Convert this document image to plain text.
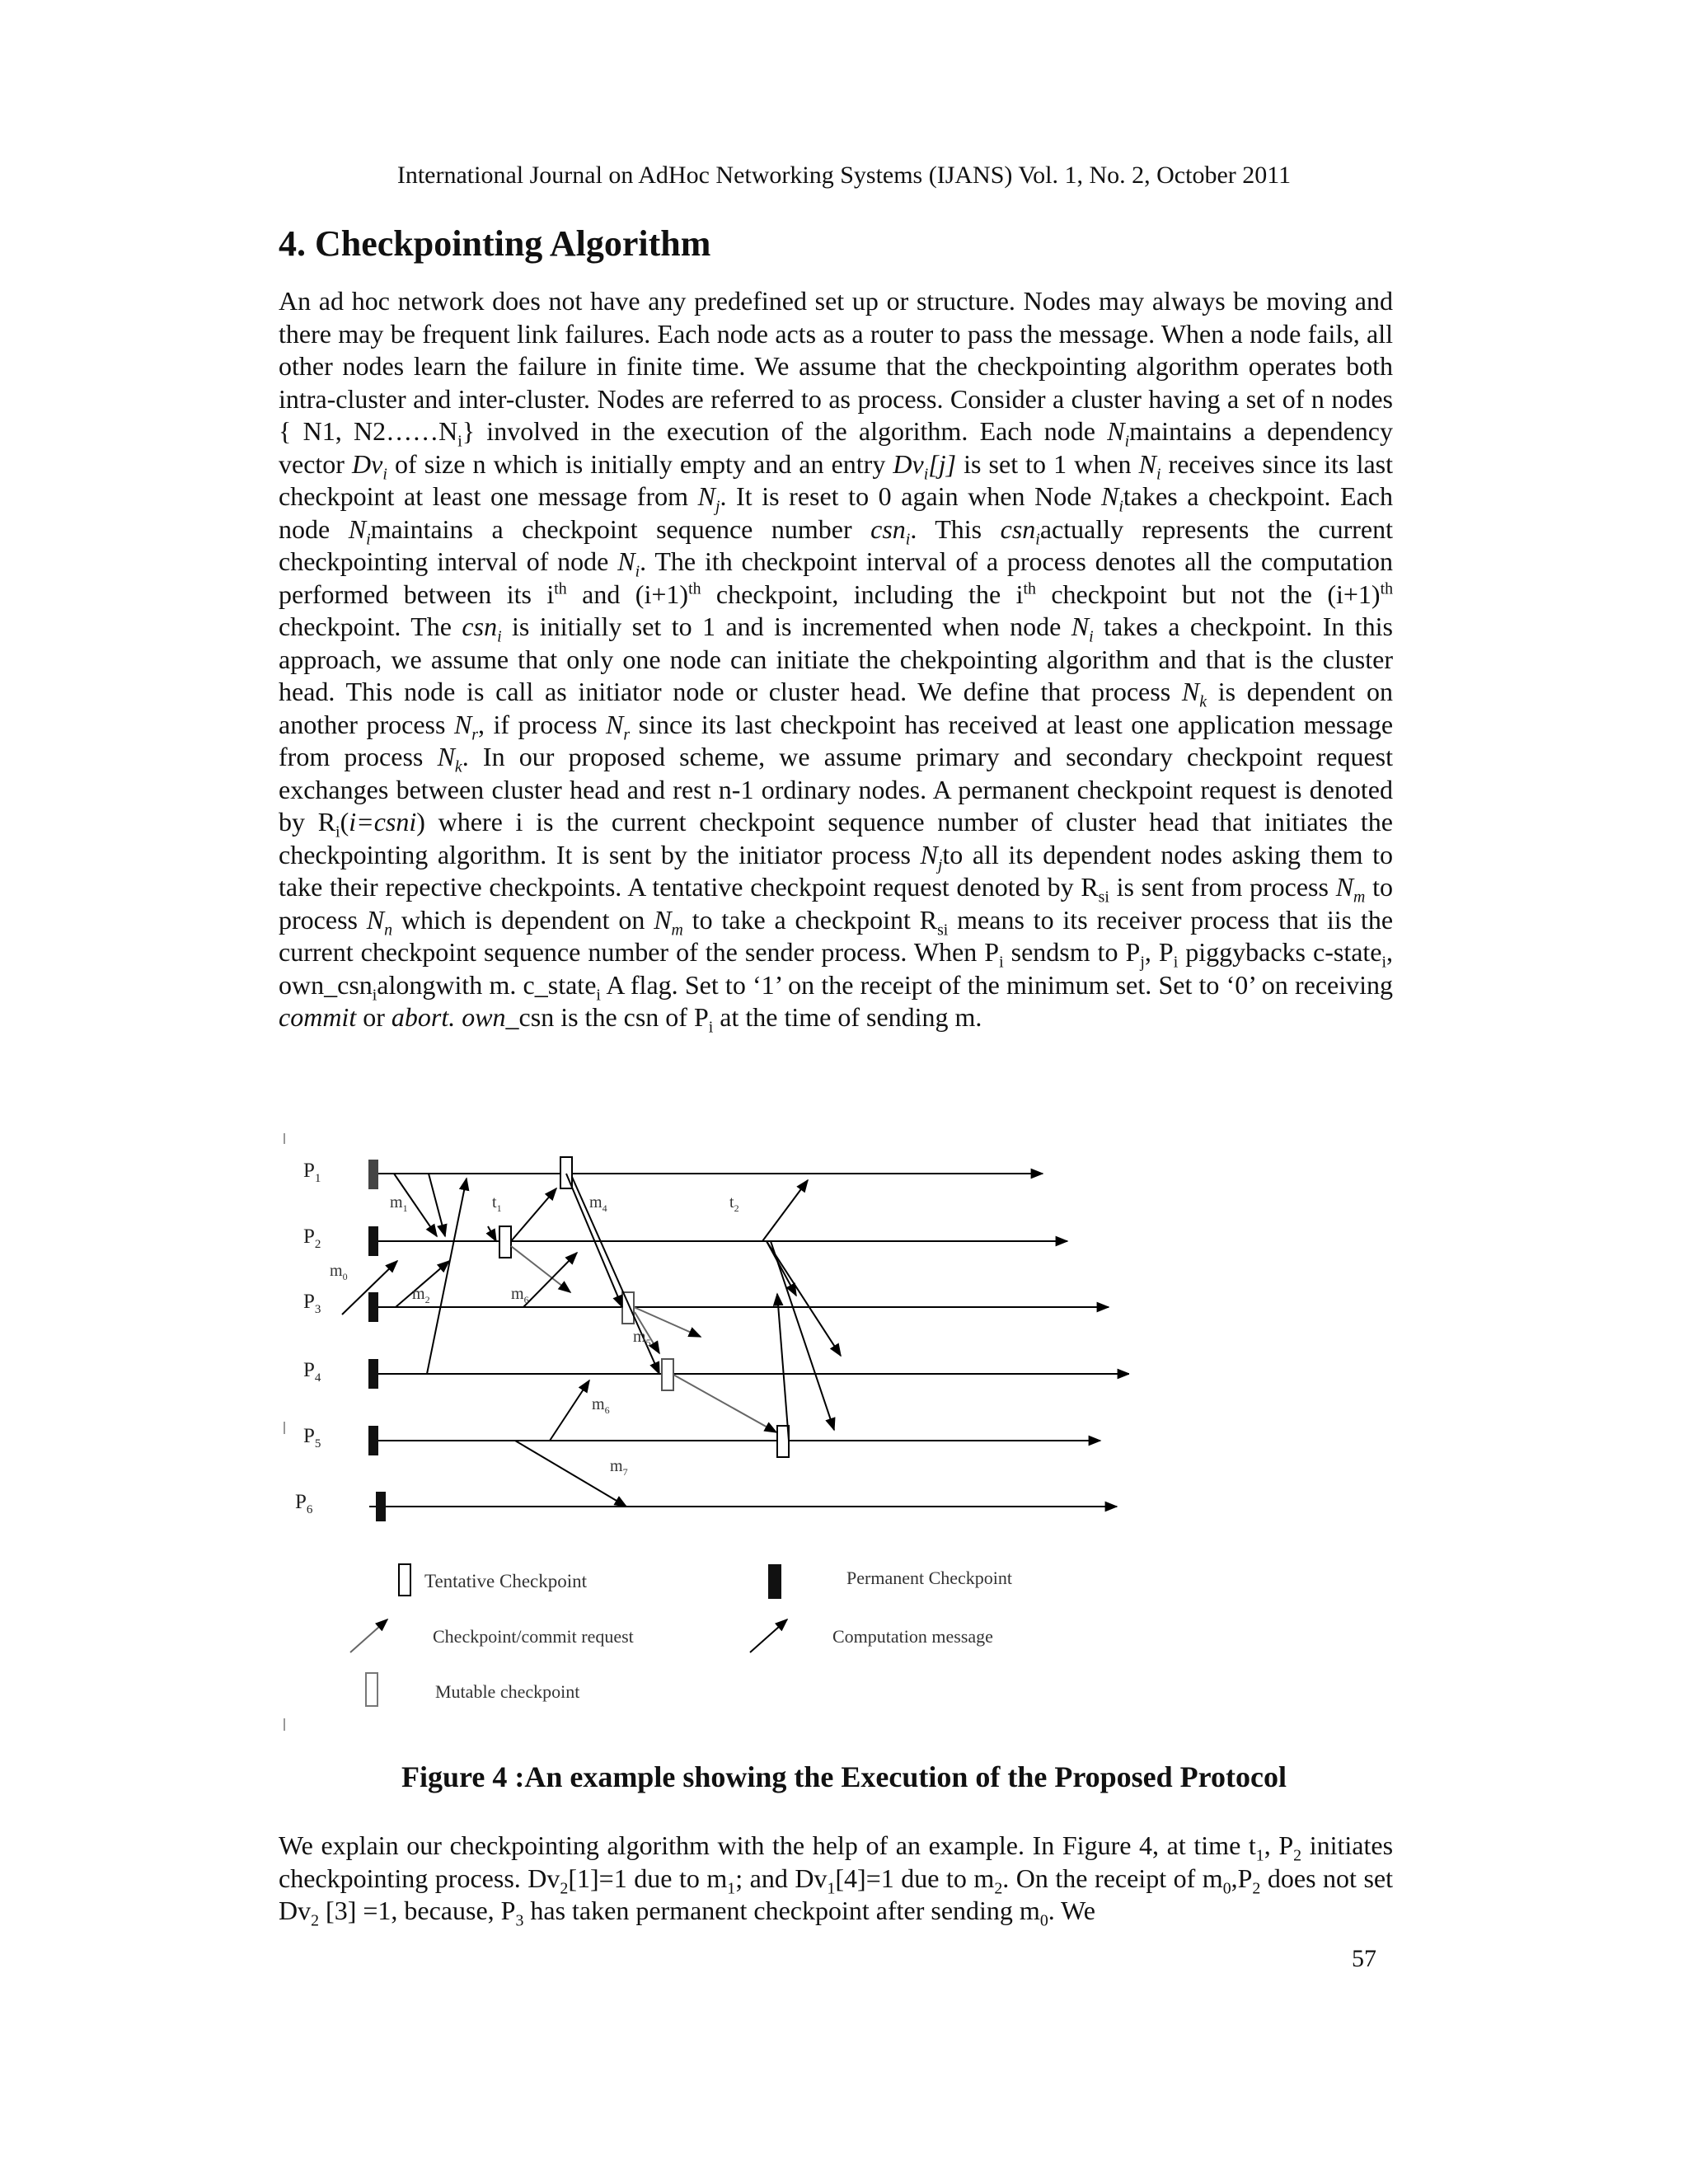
International Journal on AdHoc Networking Systems (IJANS) Vol. 1, No. 2, October 2011
4. Checkpointing Algorithm

An ad hoc network does not have any predefined set up or structure. Nodes may always be moving and there may be frequent link failures. Each node acts as a router to pass the message. When a node fails, all other nodes learn the failure in finite time. We assume that the checkpointing algorithm operates both intra-cluster and inter-cluster. Nodes are referred to as process. Consider a cluster having a set of n nodes { N1, $N2\dots\dots N_i$} involved in the execution of the algorithm. Each node $N_imaintains$ a dependency vector $Dv_i$ of size n which is initially empty and an entry $Dv_i[j]$ is set to 1 when $N_i$ receives since its last checkpoint at least one message from $N_j$. It is reset to 0 again when Node $N_itakes$ a checkpoint. Each node $N_imaintains$ a checkpoint sequence number csn$_i$. This csn$_i$actually represents the current checkpointing interval of node $N_i$. The ith checkpoint interval of a process denotes all the computation performed between its $i^{th}$ and $(i+1)^{th}$ checkpoint, including the $i^{th}$ checkpoint but not the $(i+1)^{th}$ checkpoint. The csn$_i$ is initially set to 1 and is incremented when node $N_i$ takes a checkpoint. In this approach, we assume that only one node can initiate the chekpointing algorithm and that is the cluster head. This node is call as initiator node or cluster head. We define that process $N_k$ is dependent on another process $N_r$, if process $N_r$ since its last checkpoint has received at least one application message from process $N_k$. In our proposed scheme, we assume primary and secondary checkpoint request exchanges between cluster head and rest n-1 ordinary nodes. A permanent checkpoint request is denoted by $R_i(i=csni)$ where i is the current checkpoint sequence number of cluster head that initiates the checkpointing algorithm. It is sent by the initiator process $N_jto$ all its dependent nodes asking them to take their repective checkpoints. A tentative checkpoint request denoted by $R_{si}$ is sent from process $N_m$ to process $N_n$ which is dependent on $N_m$ to take a checkpoint $R_{si}$ means to its receiver process that iis the current checkpoint sequence number of the sender process. When $P_i$ sendsm to $P_j$, $P_i$ piggybacks c-state$_i$, own_csn$_i$alongwith m. c_state$_i$ A flag. Set to ‘1’ on the receipt of the minimum set. Set to ‘0’ on receiving commit or abort. own_csn is the csn of $P_i$ at the time of sending m.

$P_1$
$P_2$
$P_3$
$P_4$
$P_5$
$P_6$
$m_1$
$m_0$
$m_2$	$m_6$
$t_1$	$m_4$	$t_2$
$m_5$
$m_6$
$m_7$
Tentative Checkpoint	Permanent Checkpoint
Checkpoint/commit request	Computation message
Mutable checkpoint

Figure 4 :An example showing the Execution of the Proposed Protocol

We explain our checkpointing algorithm with the help of an example. In Figure 4, at time $t_1$, $P_2$ initiates checkpointing process. $Dv_2[1]=1$ due to $m_1$; and $Dv_1[4]=1$ due to $m_2$. On the receipt of $m_0,P_2$ does not set $Dv_2$ [3] =1, because, $P_3$ has taken permanent checkpoint after sending $m_0$. We

57
